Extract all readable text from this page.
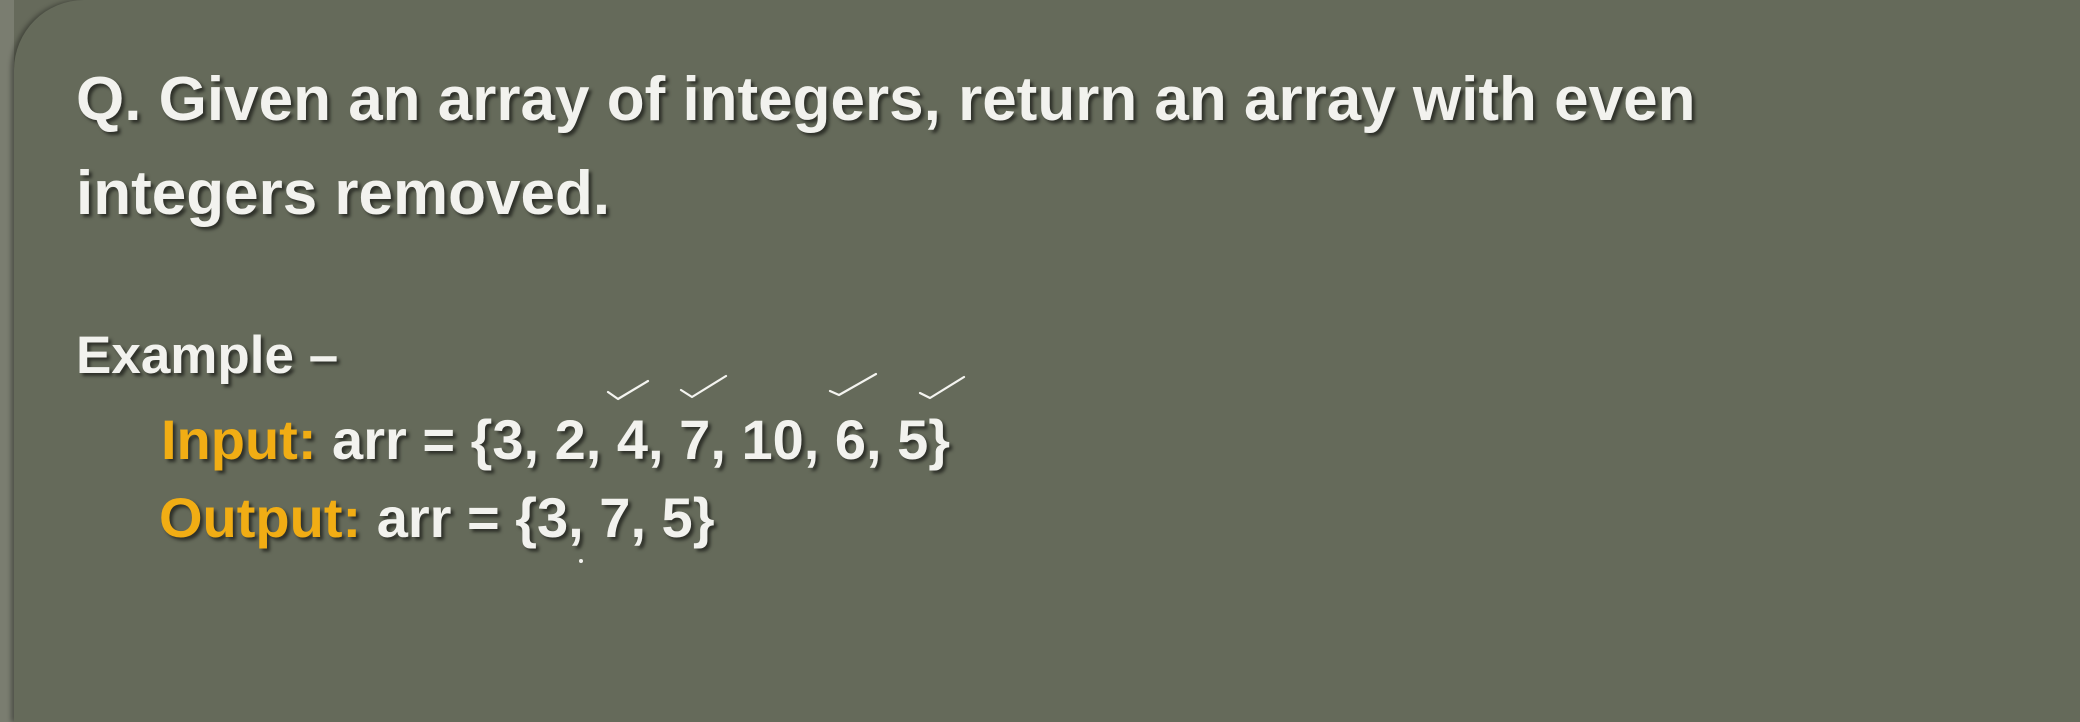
Q. Given an array of integers, return an array with even

integers removed.

Example –

Input: arr = {3, 2, 4, 7, 10, 6, 5}

Output: arr = {3, 7, 5}
